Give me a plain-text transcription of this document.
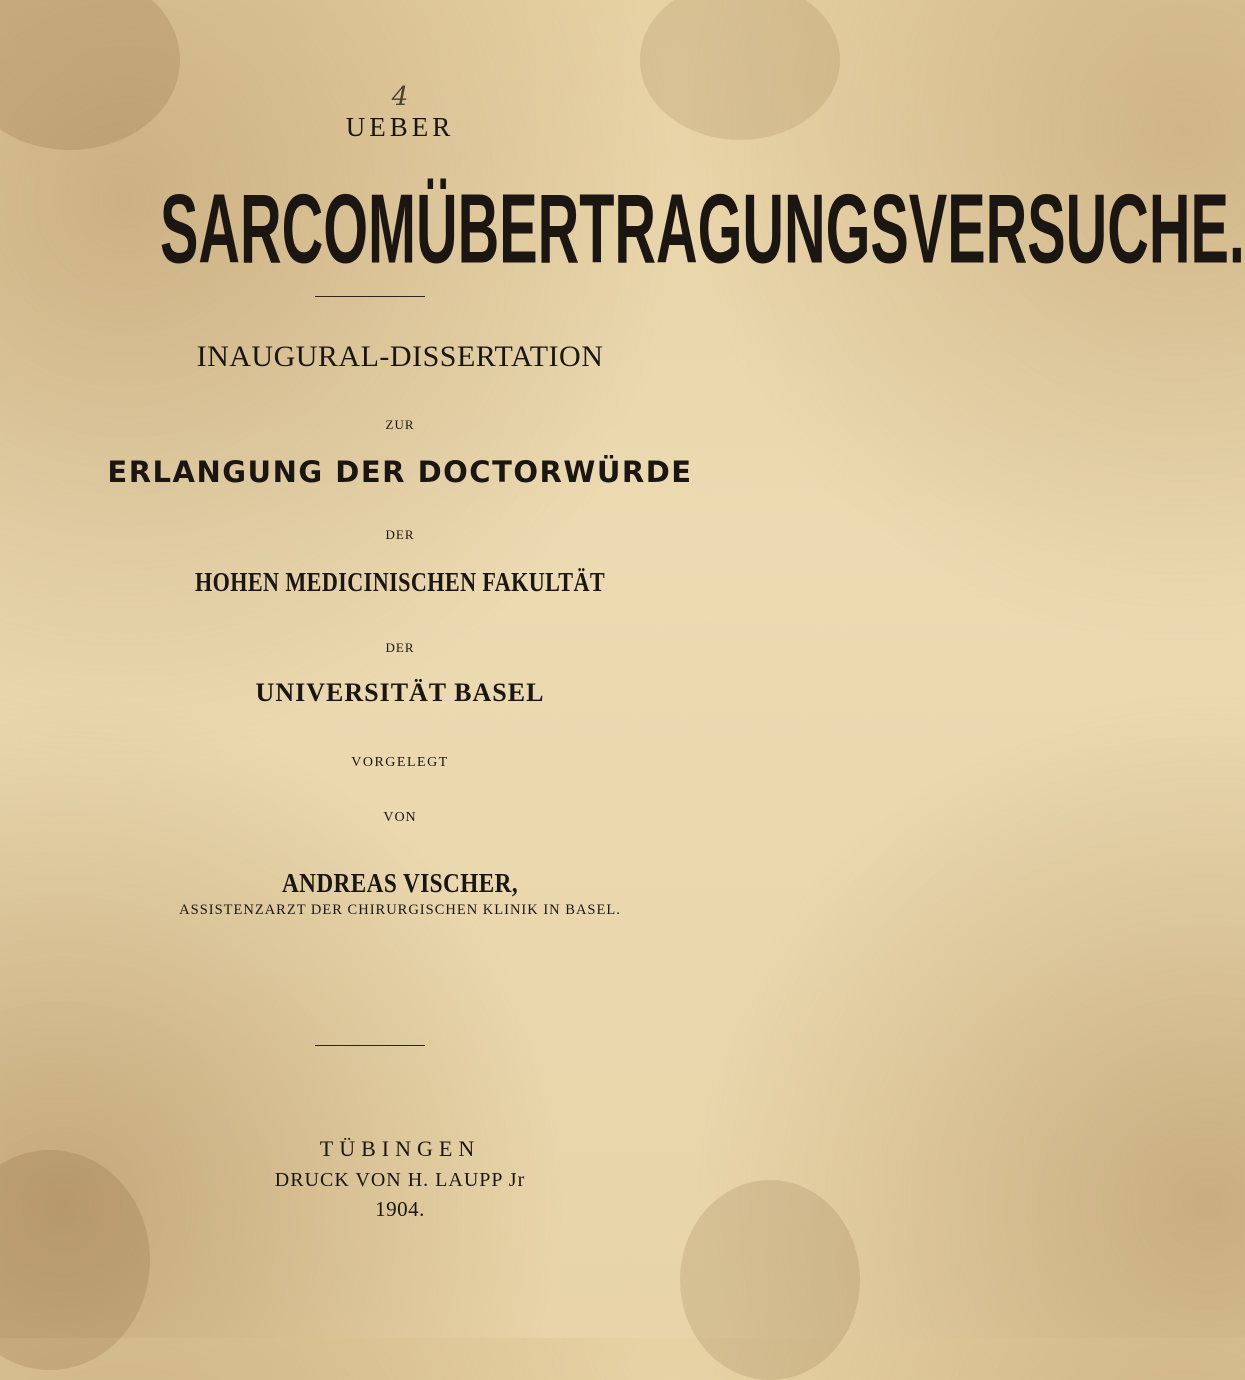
4
UEBER
SARCOMÜBERTRAGUNGSVERSUCHE.
INAUGURAL-DISSERTATION
ZUR
ERLANGUNG DER DOCTORWÜRDE
DER
HOHEN MEDICINISCHEN FAKULTÄT
DER
UNIVERSITÄT BASEL
VORGELEGT
VON
ANDREAS VISCHER,
ASSISTENZARZT DER CHIRURGISCHEN KLINIK IN BASEL.
TÜBINGEN
DRUCK VON H. LAUPP Jr
1904.
